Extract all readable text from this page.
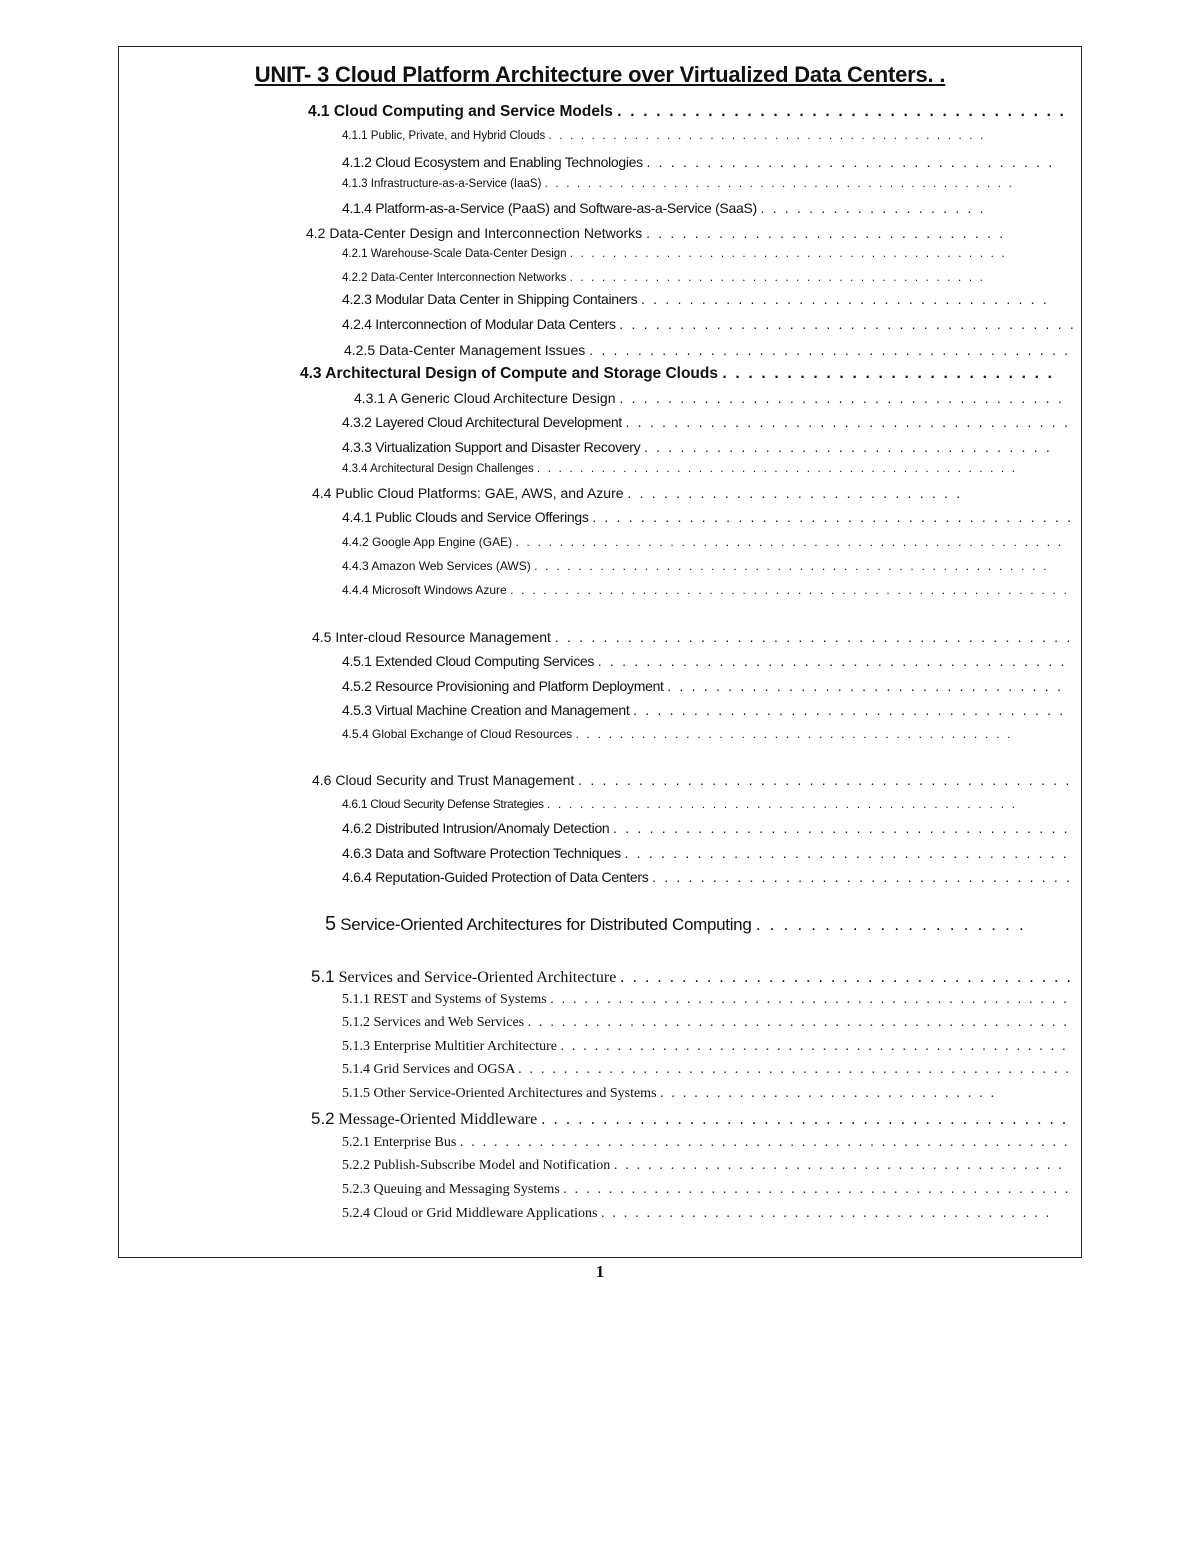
UNIT- 3 Cloud Platform Architecture over Virtualized Data Centers. .
4.1 Cloud Computing and Service Models . . . . . . . . . . . . . . . . . . . . . . . . . . . . . . . . . . .
4.1.1 Public, Private, and Hybrid Clouds . . . . . . . . . . . . . . . . . . . . . . . . . . . . . . . . . . . . . . . . .
4.1.2 Cloud Ecosystem and Enabling Technologies . . . . . . . . . . . . . . . . . . . . . . . . . . . . . . . . . .
4.1.3 Infrastructure-as-a-Service (IaaS) . . . . . . . . . . . . . . . . . . . . . . . . . . . . . . . . . . . . . . . . . . . .
4.1.4 Platform-as-a-Service (PaaS) and Software-as-a-Service (SaaS) . . . . . . . . . . . . . . . . . . .
4.2 Data-Center Design and Interconnection Networks . . . . . . . . . . . . . . . . . . . . . . . . . . . . . .
4.2.1 Warehouse-Scale Data-Center Design . . . . . . . . . . . . . . . . . . . . . . . . . . . . . . . . . . . . . . . . .
4.2.2 Data-Center Interconnection Networks . . . . . . . . . . . . . . . . . . . . . . . . . . . . . . . . . . . . . . .
4.2.3 Modular Data Center in Shipping Containers . . . . . . . . . . . . . . . . . . . . . . . . . . . . . . . . . .
4.2.4 Interconnection of Modular Data Centers . . . . . . . . . . . . . . . . . . . . . . . . . . . . . . . . . . . . . .
4.2.5 Data-Center Management Issues . . . . . . . . . . . . . . . . . . . . . . . . . . . . . . . . . . . . . . . .
4.3 Architectural Design of Compute and Storage Clouds . . . . . . . . . . . . . . . . . . . . . . . . . .
4.3.1 A Generic Cloud Architecture Design . . . . . . . . . . . . . . . . . . . . . . . . . . . . . . . . . . . . .
4.3.2 Layered Cloud Architectural Development . . . . . . . . . . . . . . . . . . . . . . . . . . . . . . . . . . . . .
4.3.3 Virtualization Support and Disaster Recovery . . . . . . . . . . . . . . . . . . . . . . . . . . . . . . . . . .
4.3.4 Architectural Design Challenges . . . . . . . . . . . . . . . . . . . . . . . . . . . . . . . . . . . . . . . . . . . . .
4.4 Public Cloud Platforms: GAE, AWS, and Azure . . . . . . . . . . . . . . . . . . . . . . . . . . . .
4.4.1 Public Clouds and Service Offerings . . . . . . . . . . . . . . . . . . . . . . . . . . . . . . . . . . . . . . . .
4.4.2 Google App Engine (GAE) . . . . . . . . . . . . . . . . . . . . . . . . . . . . . . . . . . . . . . . . . . . . . . . . . .
4.4.3 Amazon Web Services (AWS) . . . . . . . . . . . . . . . . . . . . . . . . . . . . . . . . . . . . . . . . . . . . . . .
4.4.4 Microsoft Windows Azure . . . . . . . . . . . . . . . . . . . . . . . . . . . . . . . . . . . . . . . . . . . . . . . . . . .
4.5 Inter-cloud Resource Management . . . . . . . . . . . . . . . . . . . . . . . . . . . . . . . . . . . . . . . . . . .
4.5.1 Extended Cloud Computing Services . . . . . . . . . . . . . . . . . . . . . . . . . . . . . . . . . . . . . . .
4.5.2 Resource Provisioning and Platform Deployment . . . . . . . . . . . . . . . . . . . . . . . . . . . . . . . . .
4.5.3 Virtual Machine Creation and Management . . . . . . . . . . . . . . . . . . . . . . . . . . . . . . . . . . . .
4.5.4 Global Exchange of Cloud Resources . . . . . . . . . . . . . . . . . . . . . . . . . . . . . . . . . . . . . . . .
4.6 Cloud Security and Trust Management . . . . . . . . . . . . . . . . . . . . . . . . . . . . . . . . . . . . . . . . .
4.6.1 Cloud Security Defense Strategies . . . . . . . . . . . . . . . . . . . . . . . . . . . . . . . . . . . . . . . . . . .
4.6.2 Distributed Intrusion/Anomaly Detection . . . . . . . . . . . . . . . . . . . . . . . . . . . . . . . . . . . . . .
4.6.3 Data and Software Protection Techniques . . . . . . . . . . . . . . . . . . . . . . . . . . . . . . . . . . . . .
4.6.4 Reputation-Guided Protection of Data Centers . . . . . . . . . . . . . . . . . . . . . . . . . . . . . . . . . . .
5 Service-Oriented Architectures for Distributed Computing . . . . . . . . . . . . . . . . . . . .
5.1 Services and Service-Oriented Architecture . . . . . . . . . . . . . . . . . . . . . . . . . . . . . . . . . . . . .
5.1.1 REST and Systems of Systems . . . . . . . . . . . . . . . . . . . . . . . . . . . . . . . . . . . . . . . . . . . . . .
5.1.2 Services and Web Services . . . . . . . . . . . . . . . . . . . . . . . . . . . . . . . . . . . . . . . . . . . . . . . .
5.1.3 Enterprise Multitier Architecture . . . . . . . . . . . . . . . . . . . . . . . . . . . . . . . . . . . . . . . . . . . . .
5.1.4 Grid Services and OGSA . . . . . . . . . . . . . . . . . . . . . . . . . . . . . . . . . . . . . . . . . . . . . . . . .
5.1.5 Other Service-Oriented Architectures and Systems . . . . . . . . . . . . . . . . . . . . . . . . . . . . . .
5.2 Message-Oriented Middleware . . . . . . . . . . . . . . . . . . . . . . . . . . . . . . . . . . . . . . . . . . .
5.2.1 Enterprise Bus . . . . . . . . . . . . . . . . . . . . . . . . . . . . . . . . . . . . . . . . . . . . . . . . . . . . . .
5.2.2 Publish-Subscribe Model and Notification . . . . . . . . . . . . . . . . . . . . . . . . . . . . . . . . . . . . . . . .
5.2.3 Queuing and Messaging Systems . . . . . . . . . . . . . . . . . . . . . . . . . . . . . . . . . . . . . . . . . . . . .
5.2.4 Cloud or Grid Middleware Applications . . . . . . . . . . . . . . . . . . . . . . . . . . . . . . . . . . . . . . . .
1
